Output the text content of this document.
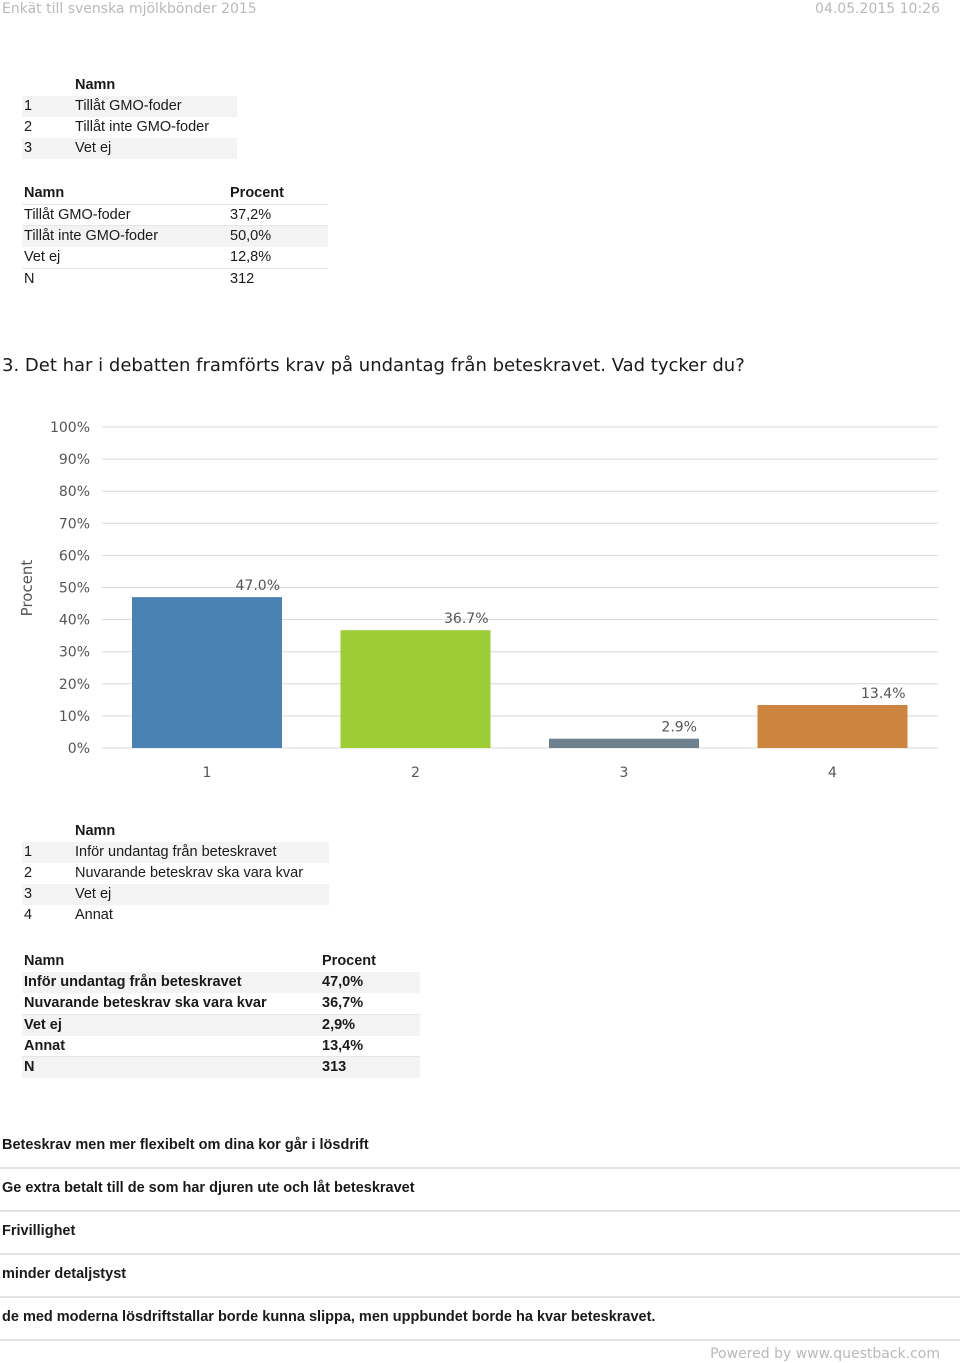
Enkät till svenska mjölkbönder 2015	04.05.2015 10:26
Namn
1	Tillåt GMO-foder
2	Tillåt inte GMO-foder
3	Vet ej
Namn	Procent
Tillåt GMO-foder	37,2%
Tillåt inte GMO-foder	50,0%
Vet ej	12,8%
N	312
3. Det har i debatten framförts krav på undantag från beteskravet. Vad tycker du?
Procent
0%
10%
20%
30%
40%
50%
60%
70%
80%
90%
100%
47.0%
1
36.7%
2
2.9%
3
13.4%
4
Namn
1	Inför undantag från beteskravet
2	Nuvarande beteskrav ska vara kvar
3	Vet ej
4	Annat
Namn	Procent
Inför undantag från beteskravet	47,0%
Nuvarande beteskrav ska vara kvar	36,7%
Vet ej	2,9%
Annat	13,4%
N	313
Beteskrav men mer flexibelt om dina kor går i lösdrift
Ge extra betalt till de som har djuren ute och låt beteskravet
Frivillighet
minder detaljstyst
de med moderna lösdriftstallar borde kunna slippa, men uppbundet borde ha kvar beteskravet.
Powered by www.questback.com
